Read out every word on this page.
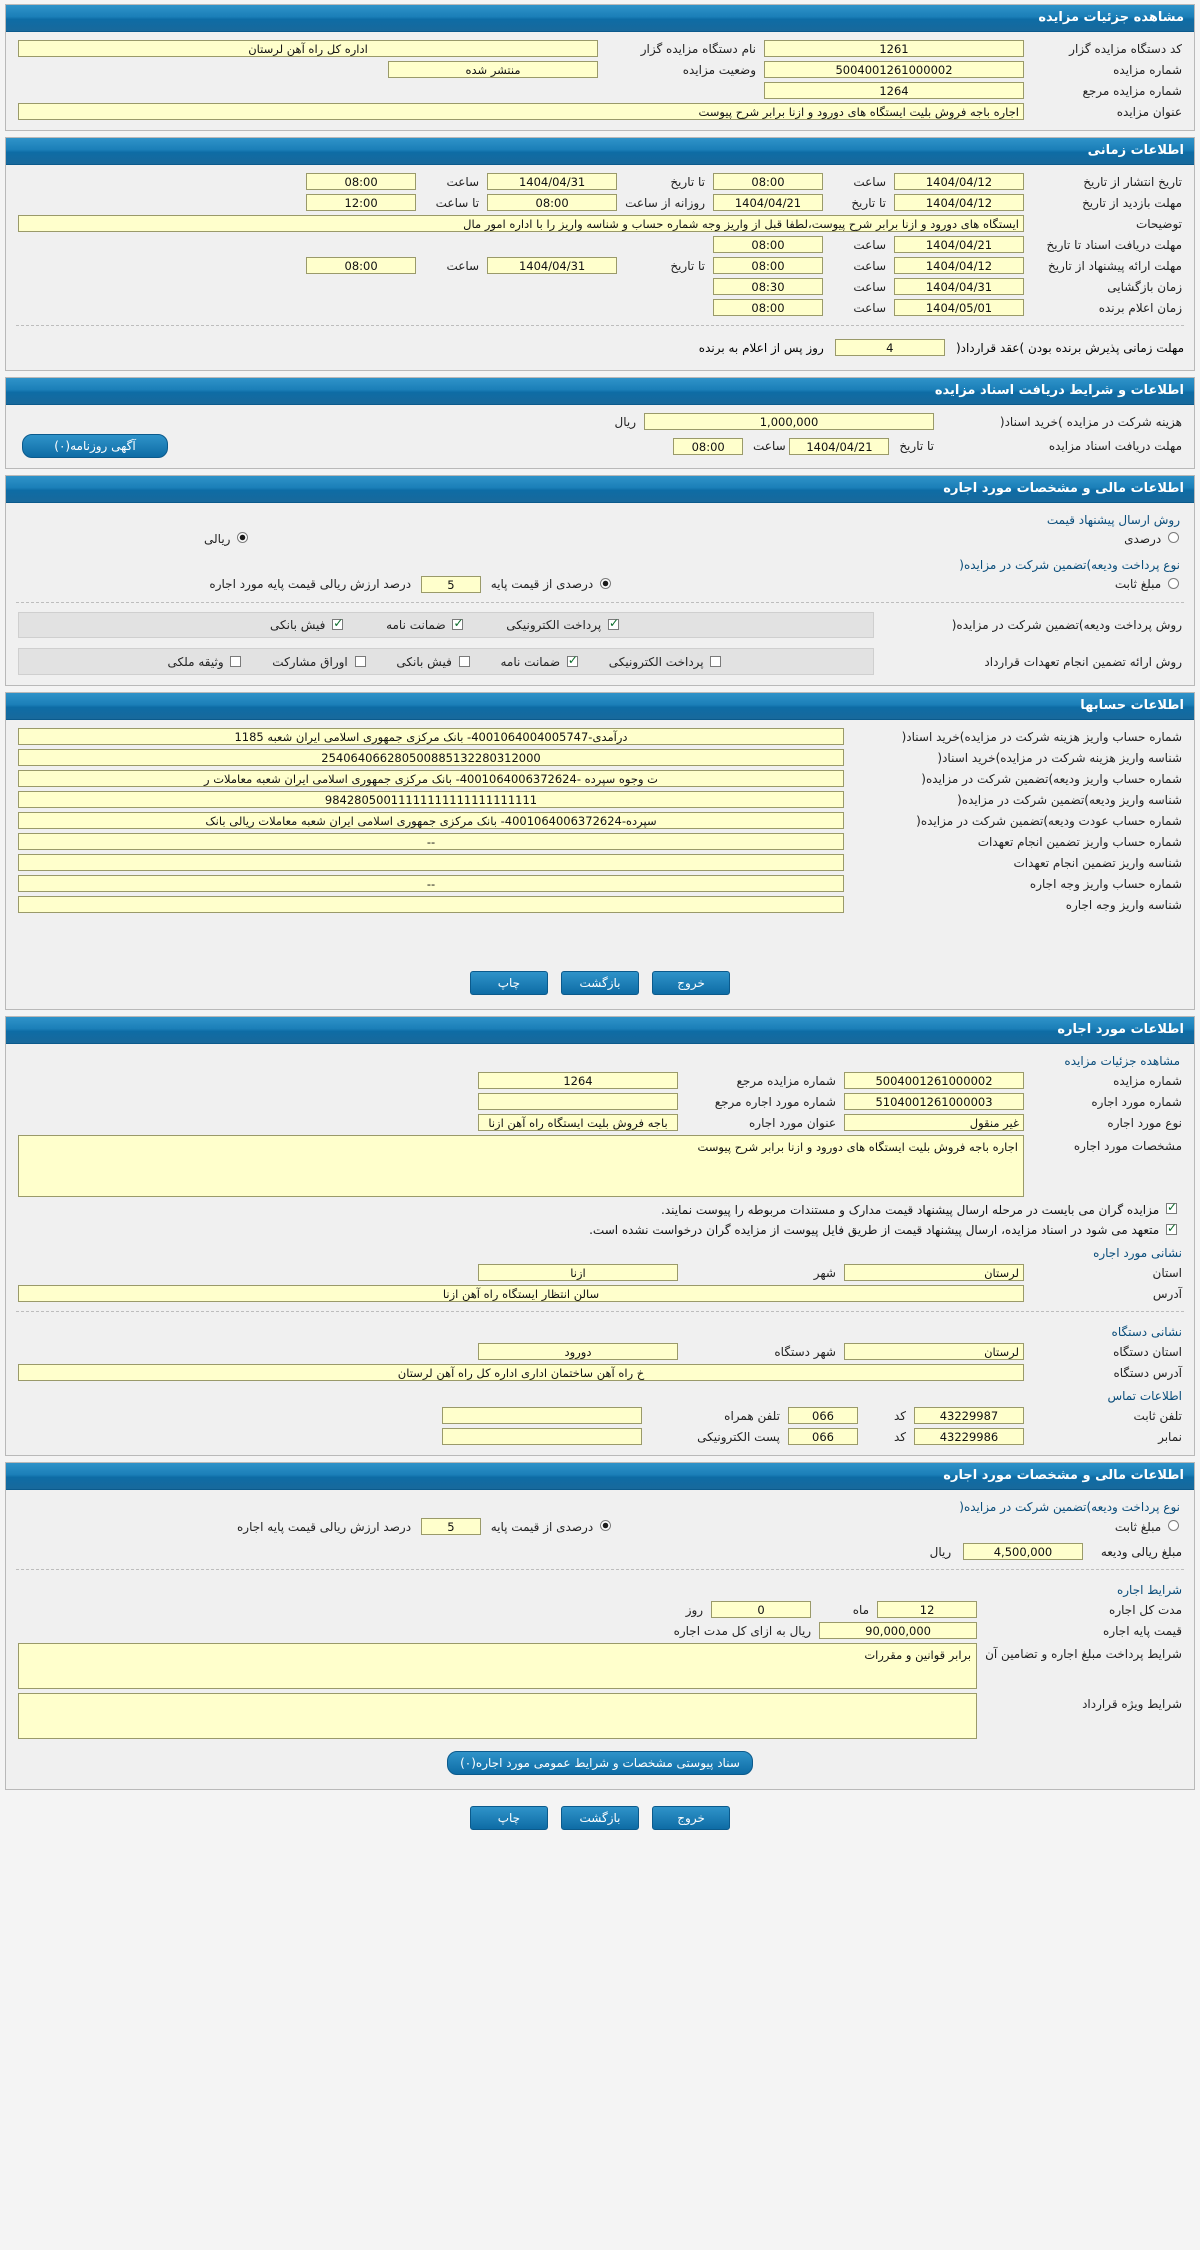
مشاهده جزئیات مزایده
کد دستگاه مزایده گزار	1261	نام دستگاه مزایده گزار	اداره کل راه آهن لرستان

شماره مزایده	5004001261000002	وضعیت مزایده	منتشر شده

شماره مزایده مرجع	1264		

عنوان مزایده	اجاره باجه فروش بلیت ایستگاه های دورود و ازنا برابر شرح پیوست		
اطلاعات زمانی
تاریخ انتشار از تاریخ	1404/04/12	ساعت	08:00	تا تاریخ	1404/04/31	ساعت	08:00	

مهلت بازدید از تاریخ	1404/04/12	تا تاریخ	1404/04/21	روزانه از ساعت	08:00	تا ساعت	12:00	

توضیحات	ایستگاه های دورود و ازنا برابر شرح پیوست،لطفا قبل از واریز وجه شماره حساب و شناسه واریز را با اداره امور مال							

مهلت دریافت اسناد تا تاریخ	1404/04/21	ساعت	08:00					

مهلت ارائه پیشنهاد از تاریخ	1404/04/12	ساعت	08:00	تا تاریخ	1404/04/31	ساعت	08:00	

زمان بازگشایی	1404/04/31	ساعت	08:30					

زمان اعلام برنده	1404/05/01	ساعت	08:00					

مهلت زمانی پذیرش برنده بودن )عقد قرارداد( 4 روز پس از اعلام به برنده
اطلاعات و شرایط دریافت اسناد مزایده
هزینه شرکت در مزایده )خرید اسناد(	1,000,000	ریال	
مهلت دریافت اسناد مزایده	تا تاریخ 1404/04/21 ساعت 08:00	آگهی روزنامه(٠)	
اطلاعات مالی و مشخصات مورد اجاره
روش ارسال پیشنهاد قیمت
درصدی	ریالی
نوع پرداخت ودیعه)تضمین شرکت در مزایده(
مبلغ ثابت	درصدی از قیمت پایه 5 درصد ارزش ریالی قیمت پایه مورد اجاره
روش پرداخت ودیعه)تضمین شرکت در مزایده(	
✓ پرداخت الکترونیکی ✓ ضمانت نامه ✓ فیش بانکی
روش ارائه تضمین انجام تعهدات قرارداد	
پرداخت الکترونیکی ✓ ضمانت نامه  فیش بانکی  اوراق مشارکت  وثیقه ملکی
اطلاعات حسابها
شماره حساب واریز هزینه شرکت در مزایده)خرید اسناد(	درآمدی-4001064004005747- بانک مرکزی جمهوری اسلامی ایران شعبه 1185

شناسه واریز هزینه شرکت در مزایده)خرید اسناد(	254064066280500885132280312000

شماره حساب واریز ودیعه)تضمین شرکت در مزایده(	ت وجوه سپرده -4001064006372624- بانک مرکزی جمهوری اسلامی ایران شعبه معاملات ر

شناسه واریز ودیعه)تضمین شرکت در مزایده(	98428050011111111111111111111

شماره حساب عودت ودیعه)تضمین شرکت در مزایده(	سپرده-4001064006372624- بانک مرکزی جمهوری اسلامی ایران شعبه معاملات ریالی بانک

شماره حساب واریز تضمین انجام تعهدات	--

شناسه واریز تضمین انجام تعهدات	

شماره حساب واریز وجه اجاره	--

شناسه واریز وجه اجاره	
خروج بازگشت چاپ
اطلاعات مورد اجاره
مشاهده جزئیات مزایده
شماره مزایده	5004001261000002	شماره مزایده مرجع	1264

شماره مورد اجاره	5104001261000003	شماره مورد اجاره مرجع	

نوع مورد اجاره	غیر منقول	عنوان مورد اجاره	باجه فروش بلیت ایستگاه راه آهن ازنا

مشخصات مورد اجاره	اجاره باجه فروش بلیت ایستگاه های دورود و ازنا برابر شرح پیوست		
✓ مزایده گران می بایست در مرحله ارسال پیشنهاد قیمت مدارک و مستندات مربوطه را پیوست نمایند.
✓ متعهد می شود در اسناد مزایده، ارسال پیشنهاد قیمت از طریق فایل پیوست از مزایده گران درخواست نشده است.
نشانی مورد اجاره
استان	لرستان	شهر	ازنا

آدرس	سالن انتظار ایستگاه راه آهن ازنا		
نشانی دستگاه
استان دستگاه	لرستان	شهر دستگاه	دورود

آدرس دستگاه	خ راه آهن ساختمان اداری اداره کل راه آهن لرستان		
اطلاعات تماس
تلفن ثابت	43229987	کد	066	تلفن همراه	

نمابر	43229986	کد	066	پست الکترونیکی	
اطلاعات مالی و مشخصات مورد اجاره
نوع پرداخت ودیعه)تضمین شرکت در مزایده(
مبلغ ثابت	درصدی از قیمت پایه 5 درصد ارزش ریالی قیمت پایه اجاره
مبلغ ریالی ودیعه 4,500,000 ریال
شرایط اجاره
مدت کل اجاره	12	ماه	0	روز	
قیمت پایه اجاره	90,000,000		ریال به ازای کل مدت اجاره		
شرایط پرداخت مبلغ اجاره و تضامین آن	برابر قوانین و مقررات				

شرایط ویژه قرارداد					
سناد پیوستی مشخصات و شرایط عمومی مورد اجاره(٠)
خروج بازگشت چاپ
